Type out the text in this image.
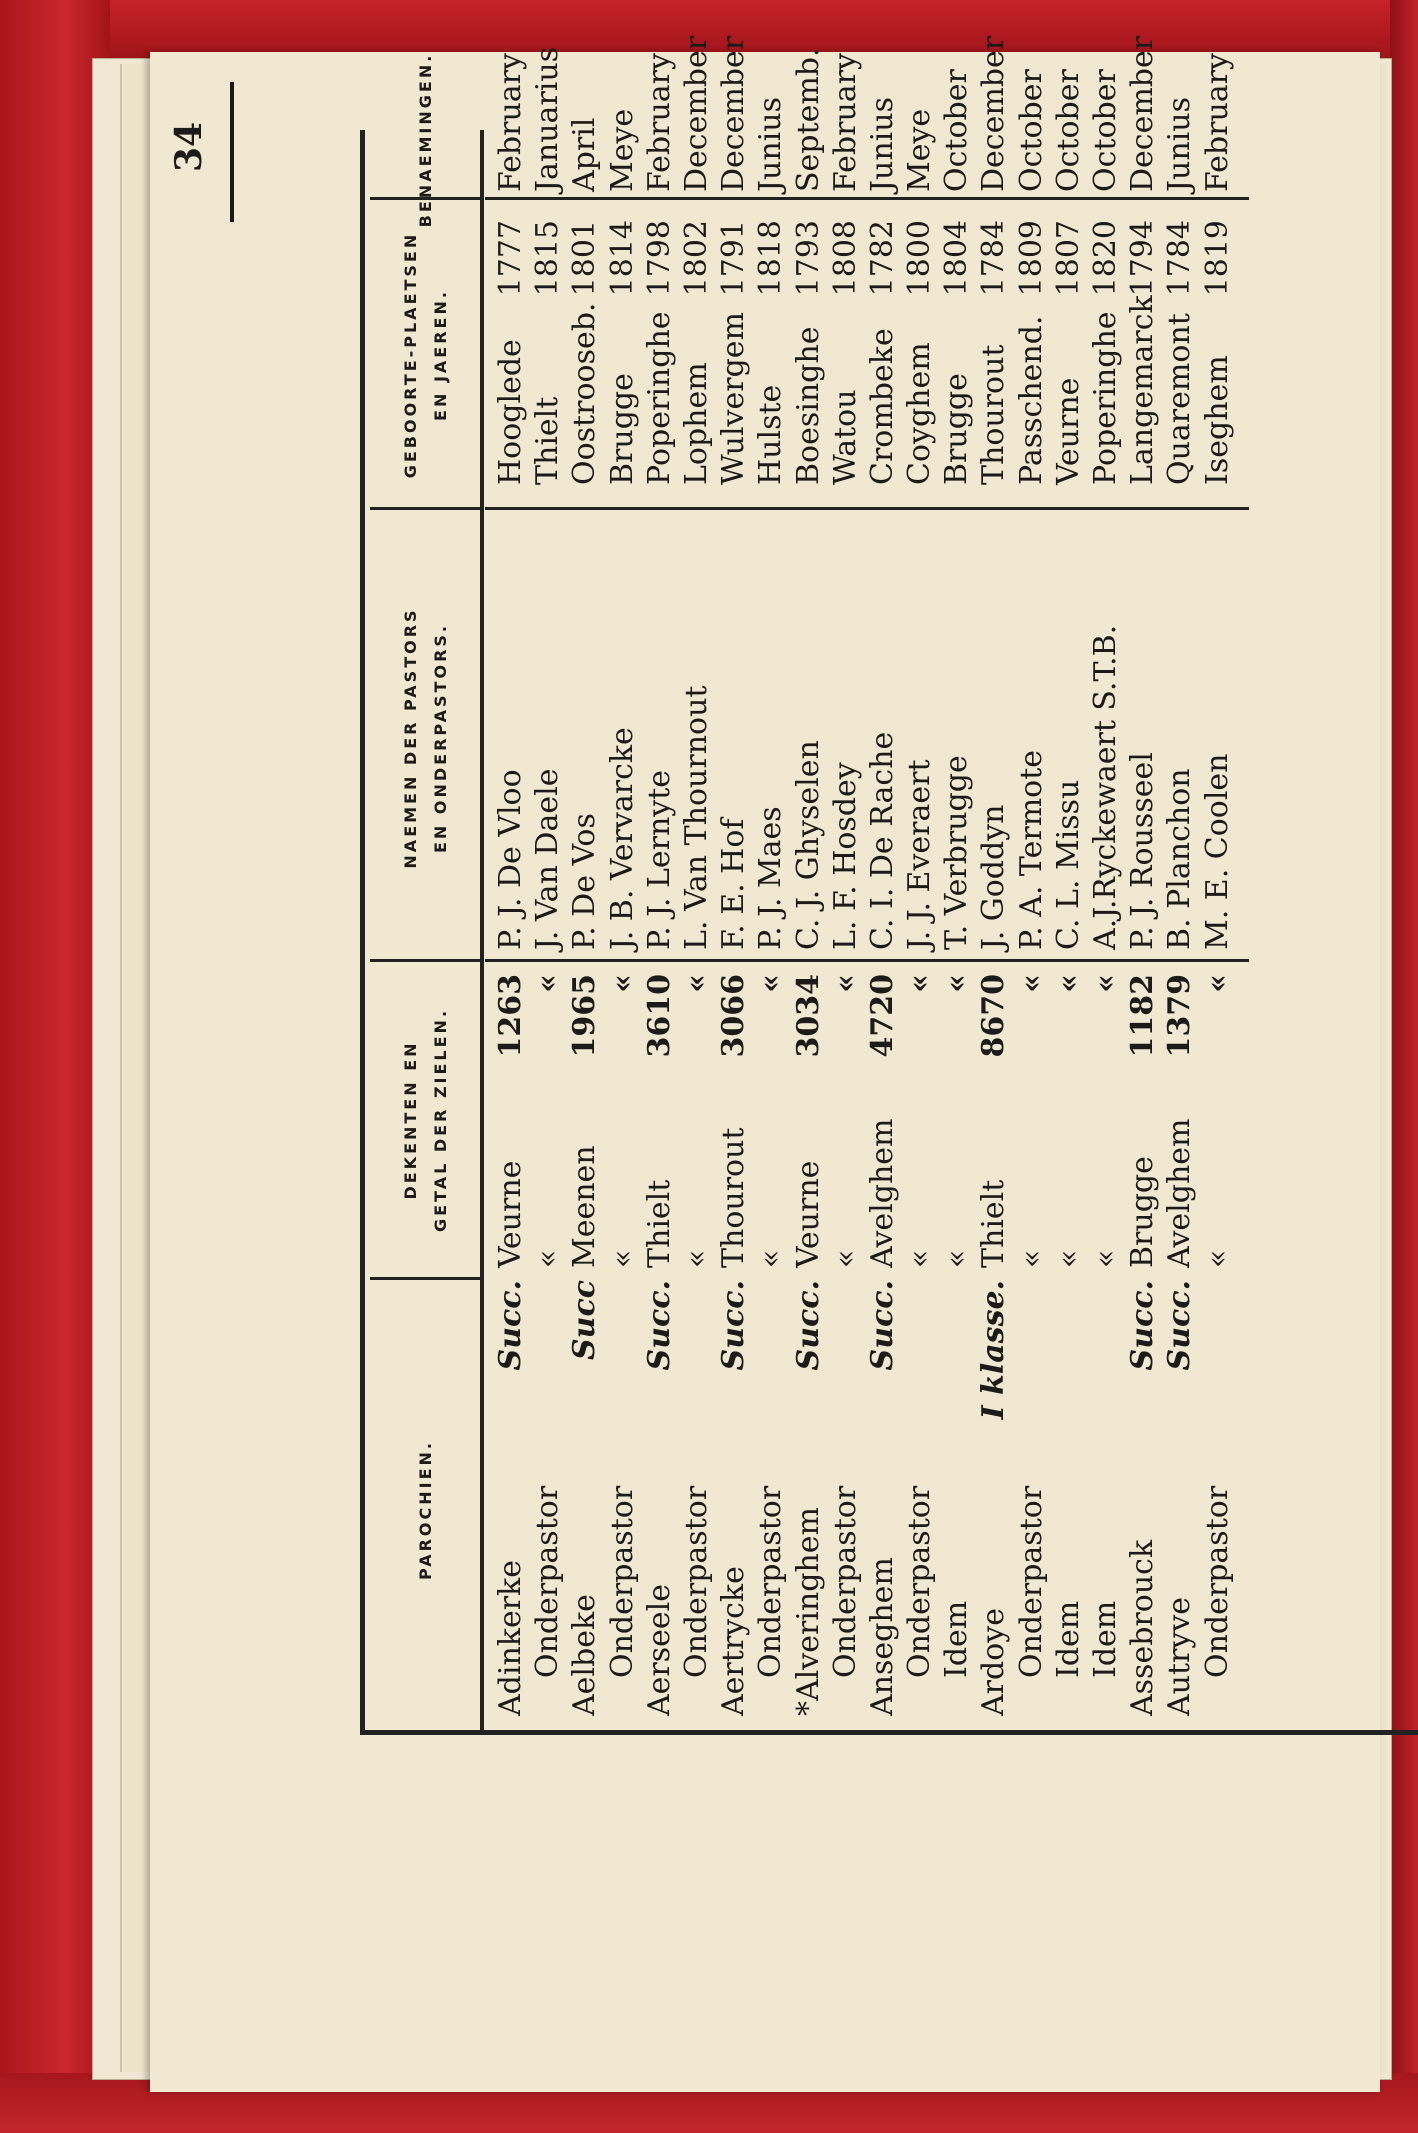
34
PAROCHIEN.
DEKENTEN EN GETAL DER ZIELEN.
NAEMEN DER PASTORS EN ONDERPASTORS.
GEBOORTE-PLAETSEN EN JAEREN.
BENAEMINGEN.
Adinkerke
Succ.
Veurne
1263
P. J. De Vloo
Hooglede
1777
February
Onderpastor
«
«
J. Van Daele
Thielt
1815
Januarius
Aelbeke
Succ
Meenen
1965
P. De Vos
Oostrooseb.
1801
April
Onderpastor
«
«
J. B. Vervarcke
Brugge
1814
Meye
Aerseele
Succ.
Thielt
3610
P. J. Lernyte
Poperinghe
1798
February
Onderpastor
«
«
L. Van Thournout
Lophem
1802
December
Aertrycke
Succ.
Thourout
3066
F. E. Hof
Wulvergem
1791
December
Onderpastor
«
«
P. J. Maes
Hulste
1818
Junius
*Alveringhem
Succ.
Veurne
3034
C. J. Ghyselen
Boesinghe
1793
Septemb.
Onderpastor
«
«
L. F. Hosdey
Watou
1808
February
Anseghem
Succ.
Avelghem
4720
C. I. De Rache
Crombeke
1782
Junius
Onderpastor
«
«
J. J. Everaert
Coyghem
1800
Meye
Idem
«
«
T. Verbrugge
Brugge
1804
October
Ardoye
I klasse.
Thielt
8670
J. Goddyn
Thourout
1784
December
Onderpastor
«
«
P. A. Termote
Passchend.
1809
October
Idem
«
«
C. L. Missu
Veurne
1807
October
Idem
«
«
A.J.Ryckewaert S.T.B.
Poperinghe
1820
October
Assebrouck
Succ.
Brugge
1182
P. J. Rousseel
Langemarck
1794
December
Autryve
Succ.
Avelghem
1379
B. Planchon
Quaremont
1784
Junius
Onderpastor
«
«
M. E. Coolen
Iseghem
1819
February
